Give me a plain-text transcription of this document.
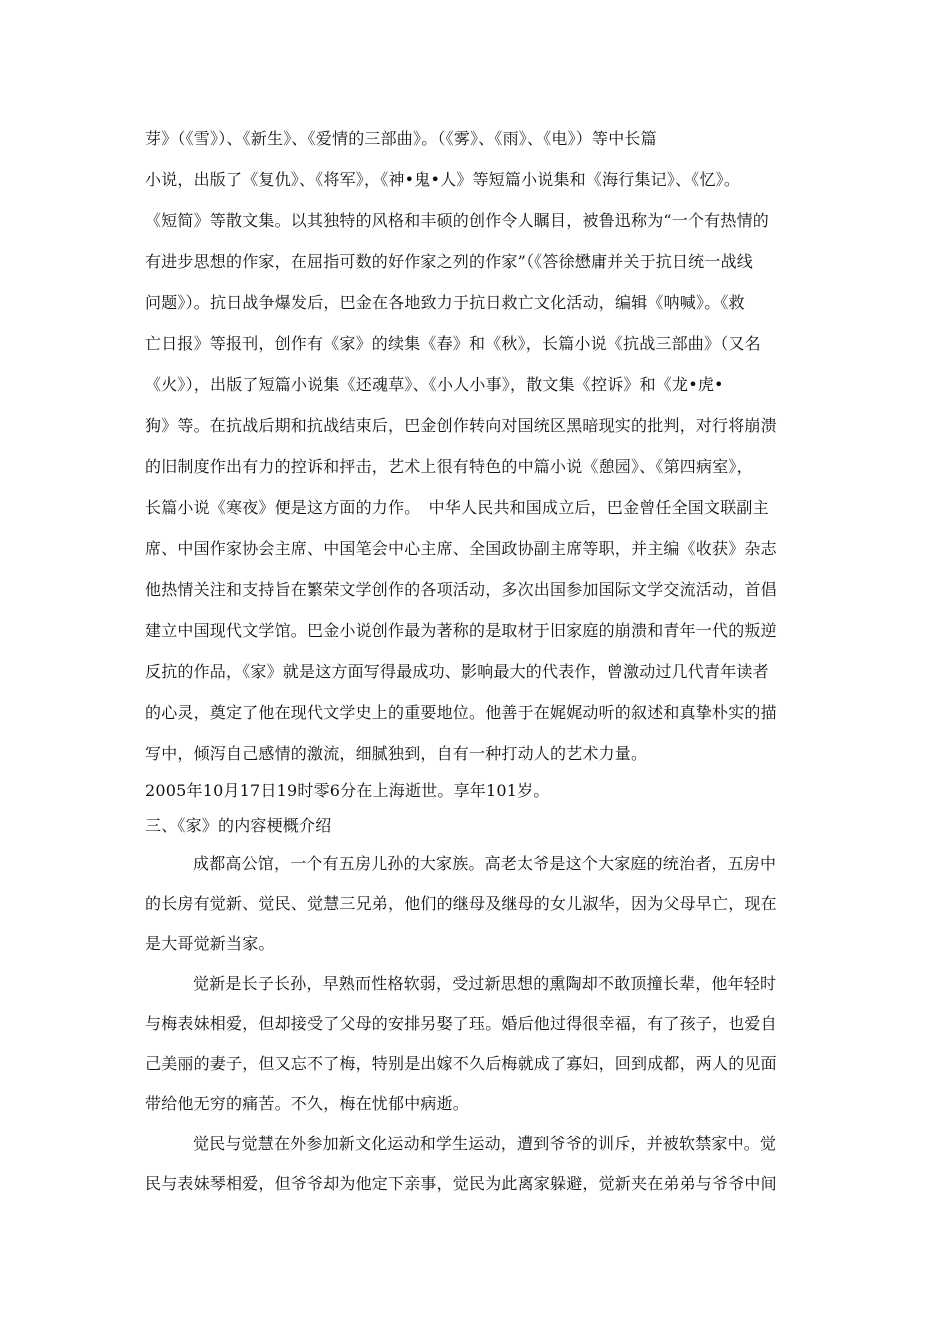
芽》（《雪》）、《新生》、《爱情的三部曲》。（《雾》、《雨》、《电》）等中长篇
小说，出版了《复仇》、《将军》，《神•鬼•人》等短篇小说集和《海行集记》、《忆》。
《短简》等散文集。以其独特的风格和丰硕的创作令人瞩目，被鲁迅称为“一个有热情的
有进步思想的作家，在屈指可数的好作家之列的作家”（《答徐懋庸并关于抗日统一战线
问题》）。抗日战争爆发后，巴金在各地致力于抗日救亡文化活动，编辑《呐喊》。《救
亡日报》等报刊，创作有《家》的续集《春》和《秋》，长篇小说《抗战三部曲》（又名
《火》），出版了短篇小说集《还魂草》、《小人小事》，散文集《控诉》和《龙•虎•
狗》等。在抗战后期和抗战结束后，巴金创作转向对国统区黑暗现实的批判，对行将崩溃
的旧制度作出有力的控诉和抨击，艺术上很有特色的中篇小说《憩园》、《第四病室》，
长篇小说《寒夜》便是这方面的力作。　中华人民共和国成立后，巴金曾任全国文联副主
席、中国作家协会主席、中国笔会中心主席、全国政协副主席等职，并主编《收获》杂志
他热情关注和支持旨在繁荣文学创作的各项活动，多次出国参加国际文学交流活动，首倡
建立中国现代文学馆。巴金小说创作最为著称的是取材于旧家庭的崩溃和青年一代的叛逆
反抗的作品，《家》就是这方面写得最成功、影响最大的代表作，曾激动过几代青年读者
的心灵，奠定了他在现代文学史上的重要地位。他善于在娓娓动听的叙述和真挚朴实的描
写中，倾泻自己感情的激流，细腻独到，自有一种打动人的艺术力量。
2005年10月17日19时零6分在上海逝世。享年101岁。
三、《家》的内容梗概介绍
成都高公馆，一个有五房儿孙的大家族。高老太爷是这个大家庭的统治者，五房中
的长房有觉新、觉民、觉慧三兄弟，他们的继母及继母的女儿淑华，因为父母早亡，现在
是大哥觉新当家。
觉新是长子长孙，早熟而性格软弱，受过新思想的熏陶却不敢顶撞长辈，他年轻时
与梅表妹相爱，但却接受了父母的安排另娶了珏。婚后他过得很幸福，有了孩子，也爱自
己美丽的妻子，但又忘不了梅，特别是出嫁不久后梅就成了寡妇，回到成都，两人的见面
带给他无穷的痛苦。不久，梅在忧郁中病逝。
觉民与觉慧在外参加新文化运动和学生运动，遭到爷爷的训斥，并被软禁家中。觉
民与表妹琴相爱，但爷爷却为他定下亲事，觉民为此离家躲避，觉新夹在弟弟与爷爷中间
